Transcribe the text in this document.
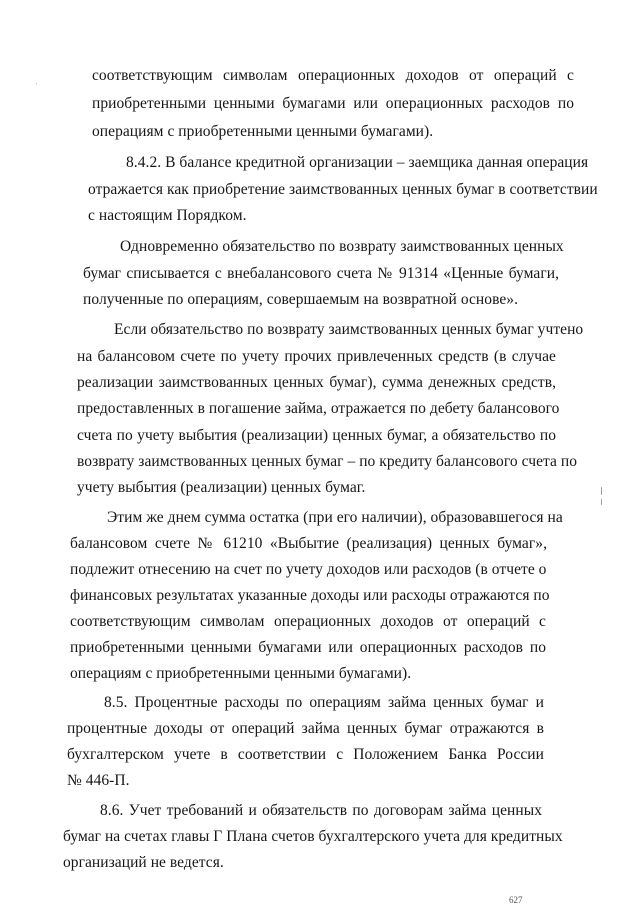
соответствующим символам операционных доходов от операций с
приобретенными ценными бумагами или операционных расходов по
операциям с приобретенными ценными бумагами).
8.4.2. В балансе кредитной организации – заемщика данная операция
отражается как приобретение заимствованных ценных бумаг в соответствии
с настоящим Порядком.
Одновременно обязательство по возврату заимствованных ценных
бумаг списывается с внебалансового счета № 91314 «Ценные бумаги,
полученные по операциям, совершаемым на возвратной основе».
Если обязательство по возврату заимствованных ценных бумаг учтено
на балансовом счете по учету прочих привлеченных средств (в случае
реализации заимствованных ценных бумаг), сумма денежных средств,
предоставленных в погашение займа, отражается по дебету балансового
счета по учету выбытия (реализации) ценных бумаг, а обязательство по
возврату заимствованных ценных бумаг – по кредиту балансового счета по
учету выбытия (реализации) ценных бумаг.
Этим же днем сумма остатка (при его наличии), образовавшегося на
балансовом счете № 61210 «Выбытие (реализация) ценных бумаг»,
подлежит отнесению на счет по учету доходов или расходов (в отчете о
финансовых результатах указанные доходы или расходы отражаются по
соответствующим символам операционных доходов от операций с
приобретенными ценными бумагами или операционных расходов по
операциям с приобретенными ценными бумагами).
8.5. Процентные расходы по операциям займа ценных бумаг и
процентные доходы от операций займа ценных бумаг отражаются в
бухгалтерском учете в соответствии с Положением Банка России
№ 446-П.
8.6. Учет требований и обязательств по договорам займа ценных
бумаг на счетах главы Г Плана счетов бухгалтерского учета для кредитных
организаций не ведется.
627
